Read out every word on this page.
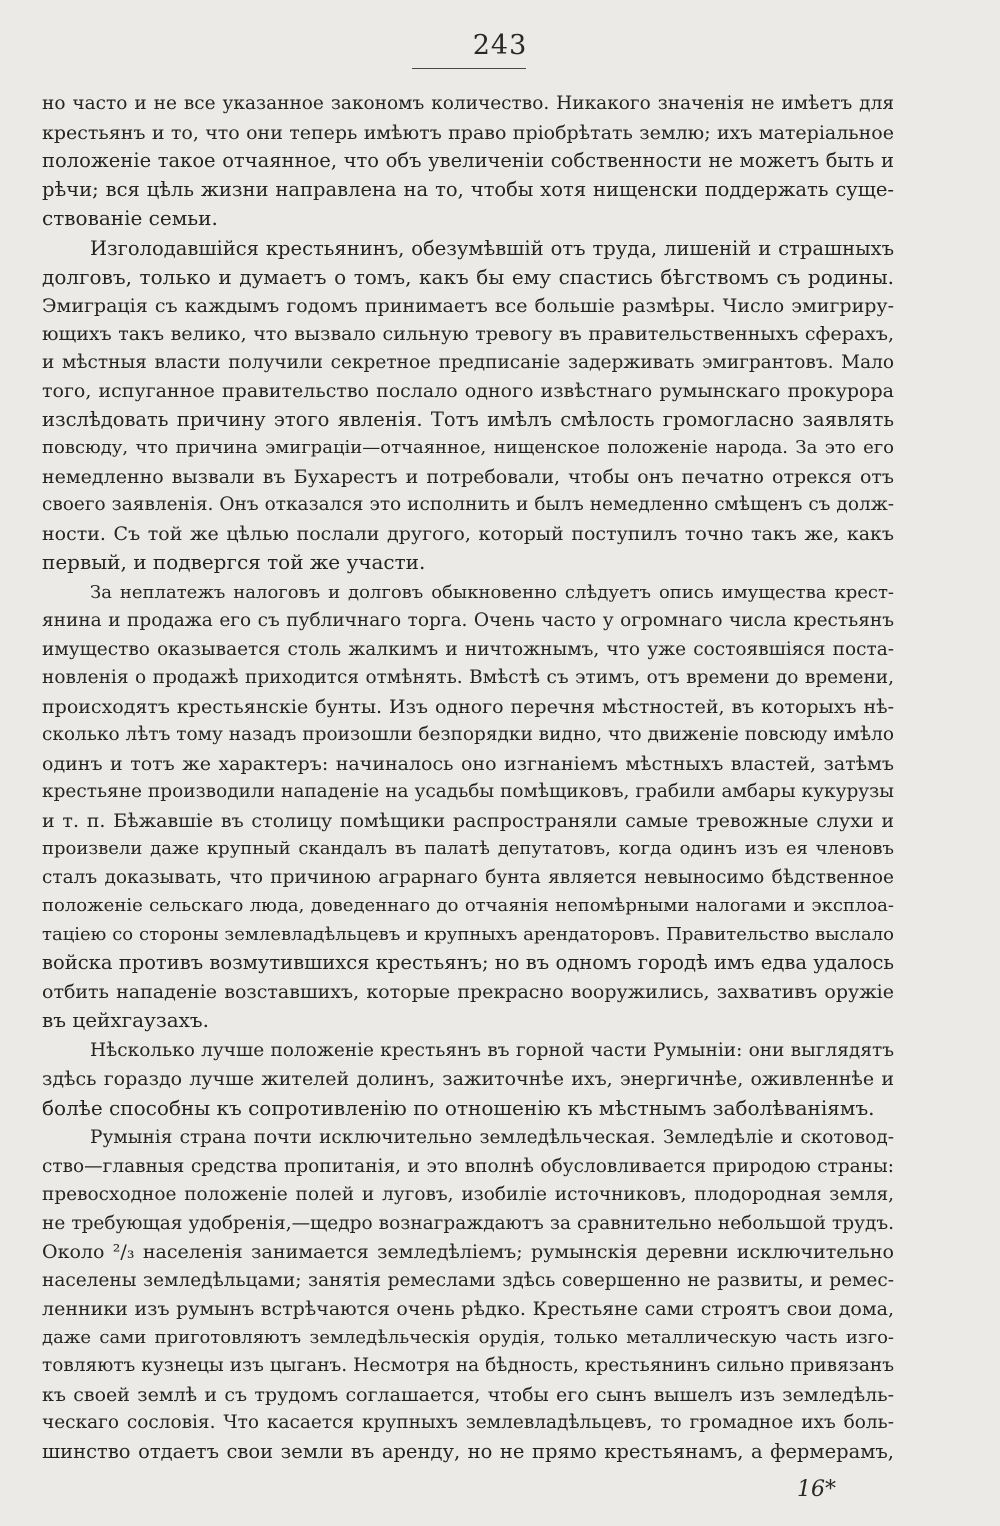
243
но часто и не все указанное закономъ количество. Никакого значенія не имѣетъ для
крестьянъ и то, что они теперь имѣютъ право пріобрѣтать землю; ихъ матеріальное
положеніе такое отчаянное, что объ увеличеніи собственности не можетъ быть и
рѣчи; вся цѣль жизни направлена на то, чтобы хотя нищенски поддержать суще-
ствованіе семьи.
Изголодавшійся крестьянинъ, обезумѣвшій отъ труда, лишеній и страшныхъ
долговъ, только и думаетъ о томъ, какъ бы ему спастись бѣгствомъ съ родины.
Эмиграція съ каждымъ годомъ принимаетъ все большіе размѣры. Число эмигриру-
ющихъ такъ велико, что вызвало сильную тревогу въ правительственныхъ сферахъ,
и мѣстныя власти получили секретное предписаніе задерживать эмигрантовъ. Мало
того, испуганное правительство послало одного извѣстнаго румынскаго прокурора
изслѣдовать причину этого явленія. Тотъ имѣлъ смѣлость громогласно заявлять
повсюду, что причина эмиграціи—отчаянное, нищенское положеніе народа. За это его
немедленно вызвали въ Бухарестъ и потребовали, чтобы онъ печатно отрекся отъ
своего заявленія. Онъ отказался это исполнить и былъ немедленно смѣщенъ съ долж-
ности. Съ той же цѣлью послали другого, который поступилъ точно такъ же, какъ
первый, и подвергся той же участи.
За неплатежъ налоговъ и долговъ обыкновенно слѣдуетъ опись имущества крест-
янина и продажа его съ публичнаго торга. Очень часто у огромнаго числа крестьянъ
имущество оказывается столь жалкимъ и ничтожнымъ, что уже состоявшіяся поста-
новленія о продажѣ приходится отмѣнять. Вмѣстѣ съ этимъ, отъ времени до времени,
происходятъ крестьянскіе бунты. Изъ одного перечня мѣстностей, въ которыхъ нѣ-
сколько лѣтъ тому назадъ произошли безпорядки видно, что движеніе повсюду имѣло
одинъ и тотъ же характеръ: начиналось оно изгнаніемъ мѣстныхъ властей, затѣмъ
крестьяне производили нападеніе на усадьбы помѣщиковъ, грабили амбары кукурузы
и т. п. Бѣжавшіе въ столицу помѣщики распространяли самые тревожные слухи и
произвели даже крупный скандалъ въ палатѣ депутатовъ, когда одинъ изъ ея членовъ
сталъ доказывать, что причиною аграрнаго бунта является невыносимо бѣдственное
положеніе сельскаго люда, доведеннаго до отчаянія непомѣрными налогами и эксплоа-
таціею со стороны землевладѣльцевъ и крупныхъ арендаторовъ. Правительство выслало
войска противъ возмутившихся крестьянъ; но въ одномъ городѣ имъ едва удалось
отбить нападеніе возставшихъ, которые прекрасно вооружились, захвативъ оружіе
въ цейхгаузахъ.
Нѣсколько лучше положеніе крестьянъ въ горной части Румыніи: они выглядятъ
здѣсь гораздо лучше жителей долинъ, зажиточнѣе ихъ, энергичнѣе, оживленнѣе и
болѣе способны къ сопротивленію по отношенію къ мѣстнымъ заболѣваніямъ.
Румынія страна почти исключительно земледѣльческая. Земледѣліе и скотовод-
ство—главныя средства пропитанія, и это вполнѣ обусловливается природою страны:
превосходное положеніе полей и луговъ, изобиліе источниковъ, плодородная земля,
не требующая удобренія,—щедро вознаграждаютъ за сравнительно небольшой трудъ.
Около ²/₃ населенія занимается земледѣліемъ; румынскія деревни исключительно
населены земледѣльцами; занятія ремеслами здѣсь совершенно не развиты, и ремес-
ленники изъ румынъ встрѣчаются очень рѣдко. Крестьяне сами строятъ свои дома,
даже сами приготовляютъ земледѣльческія орудія, только металлическую часть изго-
товляютъ кузнецы изъ цыганъ. Несмотря на бѣдность, крестьянинъ сильно привязанъ
къ своей землѣ и съ трудомъ соглашается, чтобы его сынъ вышелъ изъ земледѣль-
ческаго сословія. Что касается крупныхъ землевладѣльцевъ, то громадное ихъ боль-
шинство отдаетъ свои земли въ аренду, но не прямо крестьянамъ, а фермерамъ,
16*
